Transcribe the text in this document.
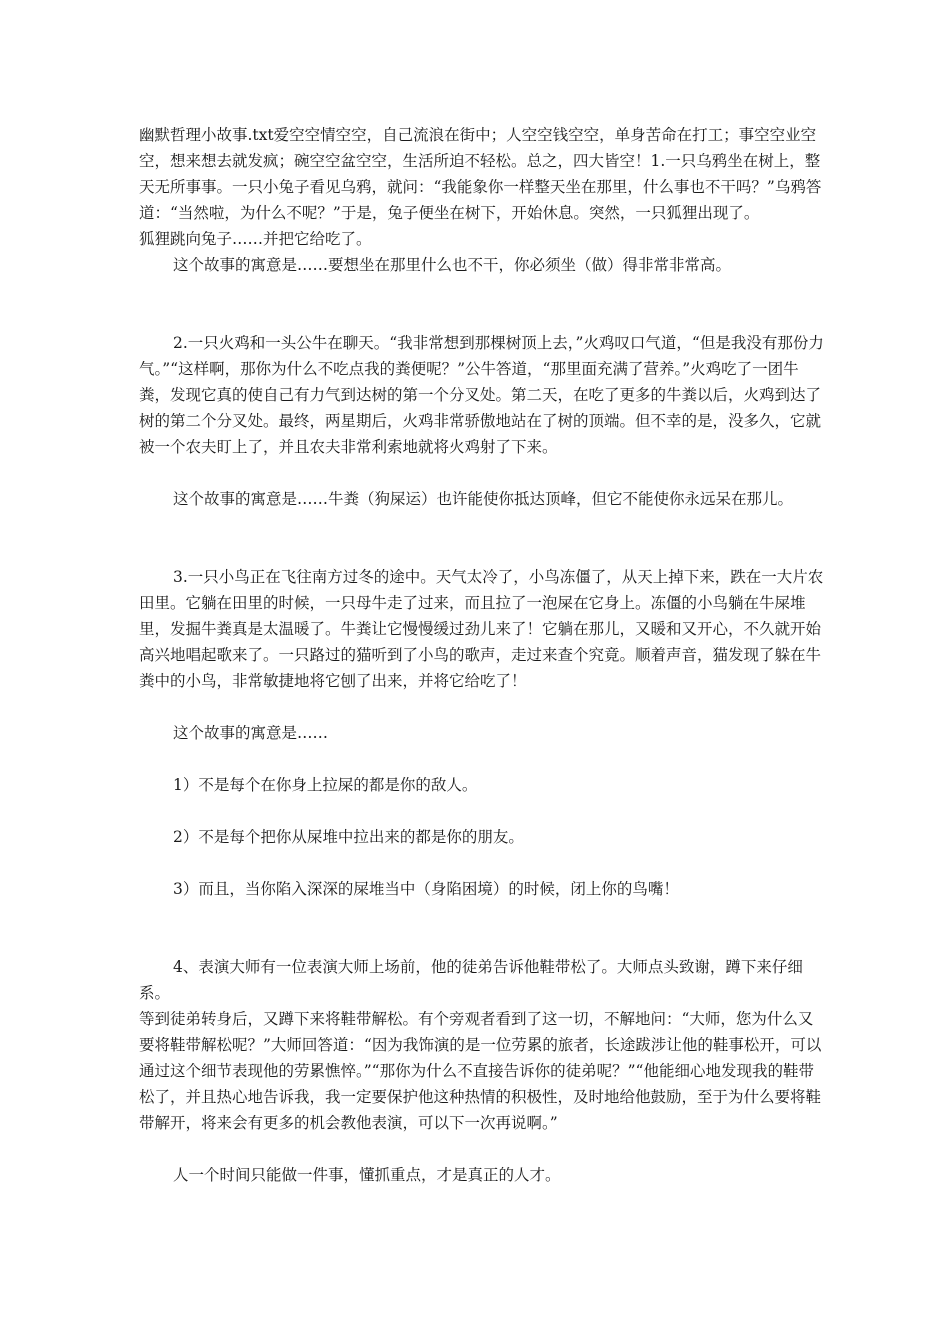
幽默哲理小故事.txt爱空空情空空，自己流浪在街中；人空空钱空空，单身苦命在打工；事空空业空空，想来想去就发疯；碗空空盆空空，生活所迫不轻松。总之，四大皆空！1.一只乌鸦坐在树上，整天无所事事。一只小兔子看见乌鸦，就问：“我能象你一样整天坐在那里，什么事也不干吗？”乌鸦答道：“当然啦，为什么不呢？”于是，兔子便坐在树下，开始休息。突然，一只狐狸出现了。

狐狸跳向兔子……并把它给吃了。

这个故事的寓意是……要想坐在那里什么也不干，你必须坐（做）得非常非常高。

2.一只火鸡和一头公牛在聊天。“我非常想到那棵树顶上去，”火鸡叹口气道，“但是我没有那份力气。”“这样啊，那你为什么不吃点我的粪便呢？”公牛答道，“那里面充满了营养。”火鸡吃了一团牛粪，发现它真的使自己有力气到达树的第一个分叉处。第二天，在吃了更多的牛粪以后，火鸡到达了树的第二个分叉处。最终，两星期后，火鸡非常骄傲地站在了树的顶端。但不幸的是，没多久，它就被一个农夫盯上了，并且农夫非常利索地就将火鸡射了下来。

这个故事的寓意是……牛粪（狗屎运）也许能使你抵达顶峰，但它不能使你永远呆在那儿。

3.一只小鸟正在飞往南方过冬的途中。天气太冷了，小鸟冻僵了，从天上掉下来，跌在一大片农田里。它躺在田里的时候，一只母牛走了过来，而且拉了一泡屎在它身上。冻僵的小鸟躺在牛屎堆里，发掘牛粪真是太温暖了。牛粪让它慢慢缓过劲儿来了！它躺在那儿，又暖和又开心，不久就开始高兴地唱起歌来了。一只路过的猫听到了小鸟的歌声，走过来查个究竟。顺着声音，猫发现了躲在牛粪中的小鸟，非常敏捷地将它刨了出来，并将它给吃了！

这个故事的寓意是……

1）不是每个在你身上拉屎的都是你的敌人。

2）不是每个把你从屎堆中拉出来的都是你的朋友。

3）而且，当你陷入深深的屎堆当中（身陷困境）的时候，闭上你的鸟嘴！

4、表演大师有一位表演大师上场前，他的徒弟告诉他鞋带松了。大师点头致谢，蹲下来仔细系。

等到徒弟转身后，又蹲下来将鞋带解松。有个旁观者看到了这一切，不解地问：“大师，您为什么又要将鞋带解松呢？”大师回答道：“因为我饰演的是一位劳累的旅者，长途跋涉让他的鞋事松开，可以通过这个细节表现他的劳累憔悴。”“那你为什么不直接告诉你的徒弟呢？”“他能细心地发现我的鞋带松了，并且热心地告诉我，我一定要保护他这种热情的积极性，及时地给他鼓励，至于为什么要将鞋带解开，将来会有更多的机会教他表演，可以下一次再说啊。”

人一个时间只能做一件事，懂抓重点，才是真正的人才。
